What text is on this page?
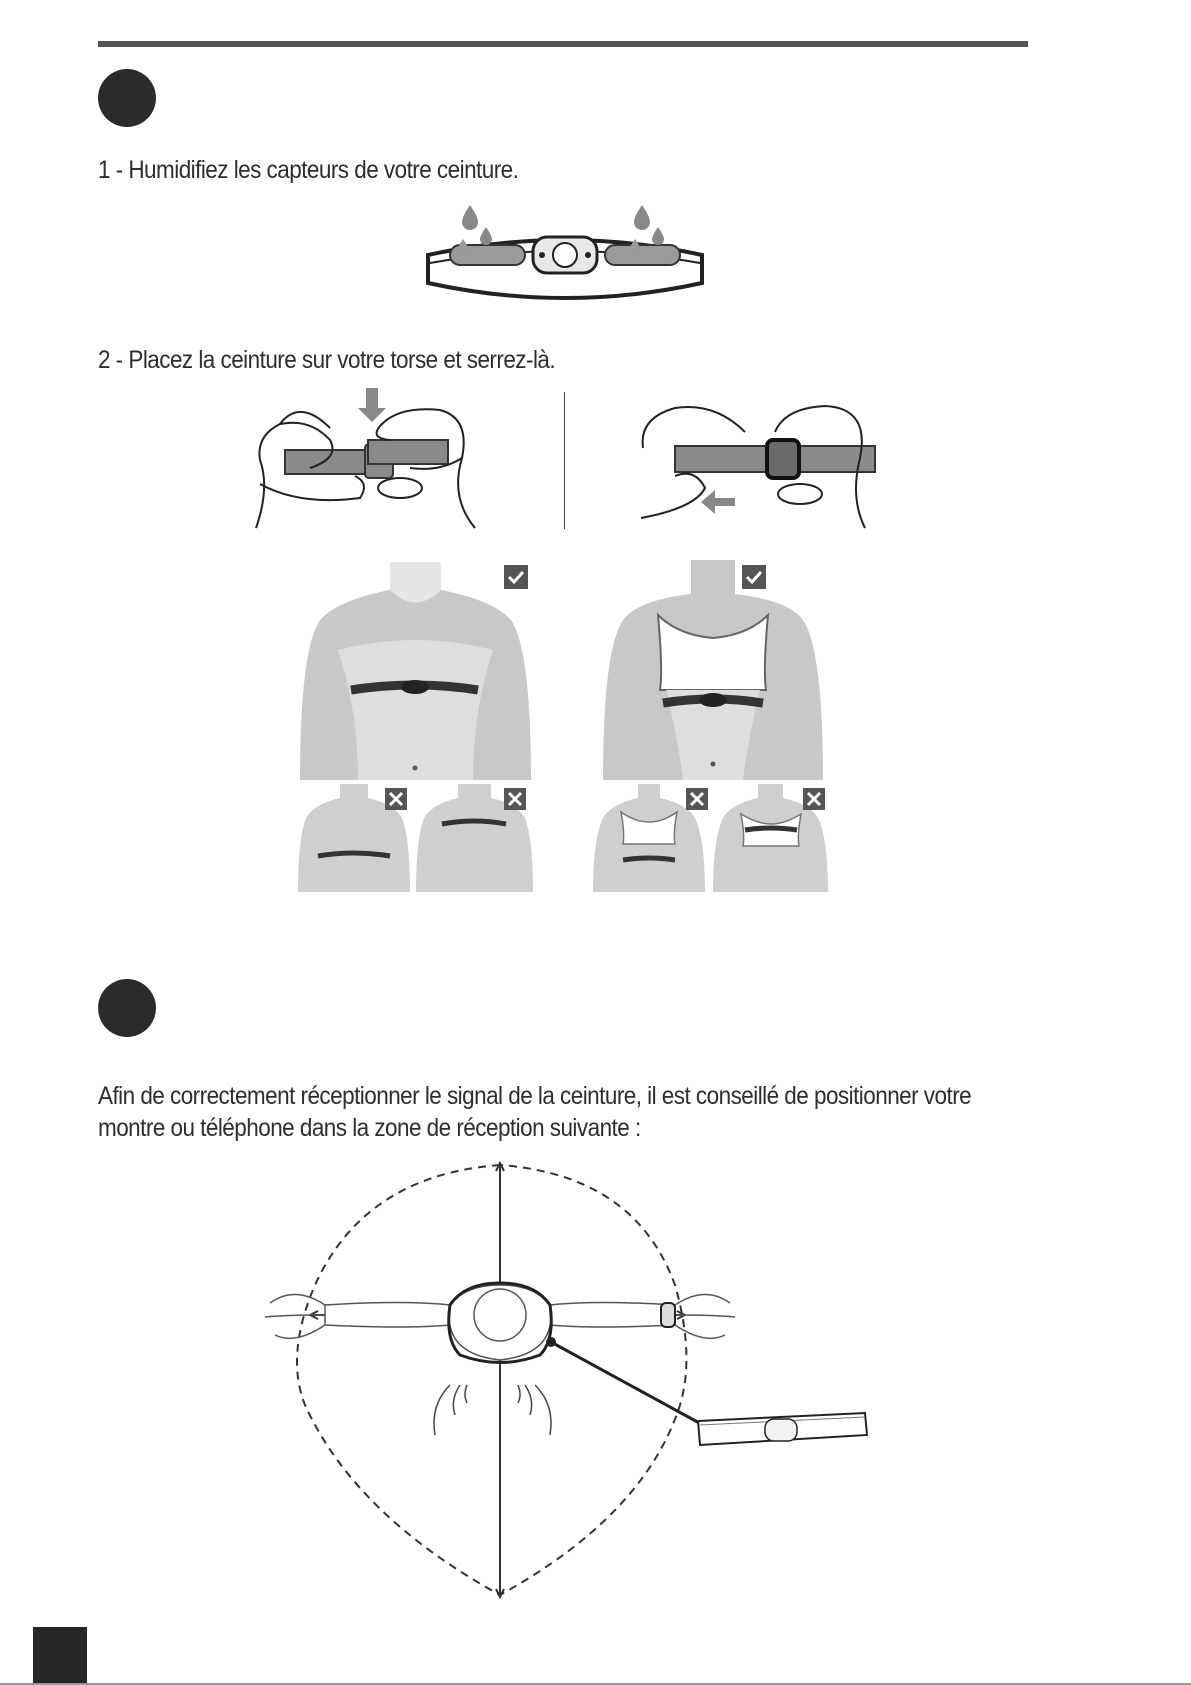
1 - Humidifiez les capteurs de votre ceinture.
2 - Placez la ceinture sur votre torse et serrez-là.
Afin de correctement réceptionner le signal de la ceinture, il est conseillé de positionner votre
montre ou téléphone dans la zone de réception suivante :
